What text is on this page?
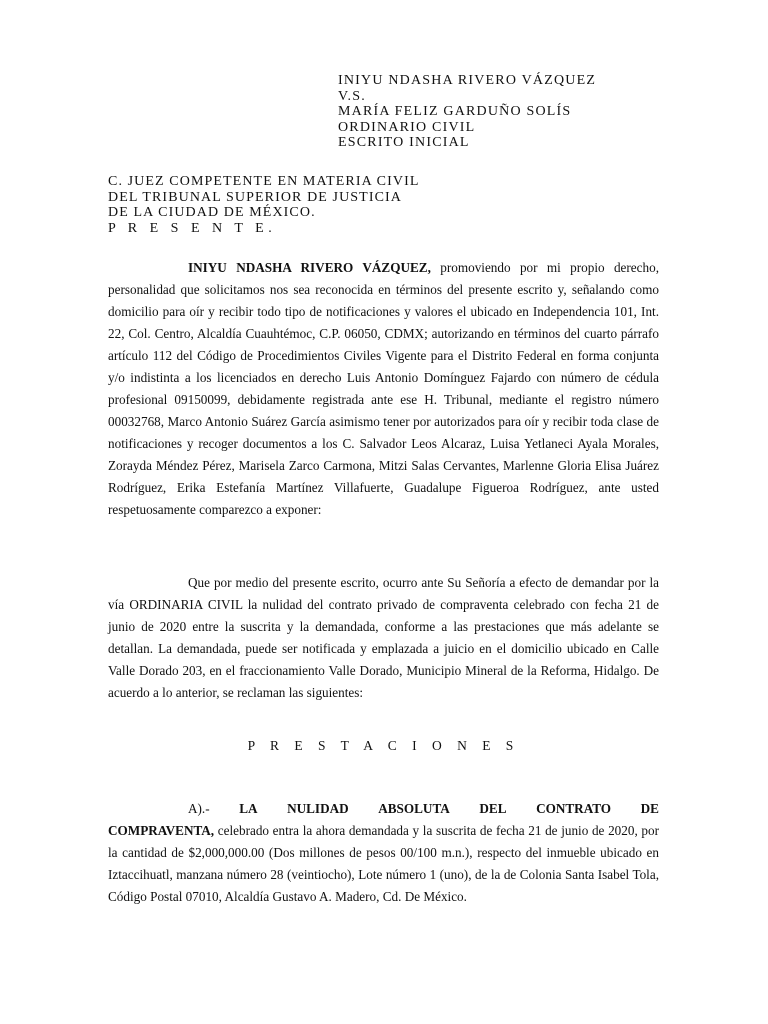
INIYU NDASHA RIVERO VÁZQUEZ
V.S.
MARÍA FELIZ GARDUÑO SOLÍS
ORDINARIO CIVIL
ESCRITO INICIAL
C. JUEZ COMPETENTE EN MATERIA CIVIL
DEL TRIBUNAL SUPERIOR DE JUSTICIA
DE LA CIUDAD DE MÉXICO.
P R E S E N T E.

INIYU NDASHA RIVERO VÁZQUEZ, promoviendo por mi propio derecho, personalidad que solicitamos nos sea reconocida en términos del presente escrito y, señalando como domicilio para oír y recibir todo tipo de notificaciones y valores el ubicado en Independencia 101, Int. 22, Col. Centro, Alcaldía Cuauhtémoc, C.P. 06050, CDMX; autorizando en términos del cuarto párrafo artículo 112 del Código de Procedimientos Civiles Vigente para el Distrito Federal en forma conjunta y/o indistinta a los licenciados en derecho Luis Antonio Domínguez Fajardo con número de cédula profesional 09150099, debidamente registrada ante ese H. Tribunal, mediante el registro número 00032768, Marco Antonio Suárez García asimismo tener por autorizados para oír y recibir toda clase de notificaciones y recoger documentos a los C. Salvador Leos Alcaraz, Luisa Yetlaneci Ayala Morales, Zorayda Méndez Pérez, Marisela Zarco Carmona, Mitzi Salas Cervantes, Marlenne Gloria Elisa Juárez Rodríguez, Erika Estefanía Martínez Villafuerte, Guadalupe Figueroa Rodríguez, ante usted respetuosamente comparezco a exponer:

Que por medio del presente escrito, ocurro ante Su Señoría a efecto de demandar por la vía ORDINARIA CIVIL la nulidad del contrato privado de compraventa celebrado con fecha 21 de junio de 2020 entre la suscrita y la demandada, conforme a las prestaciones que más adelante se detallan. La demandada, puede ser notificada y emplazada a juicio en el domicilio ubicado en Calle Valle Dorado 203, en el fraccionamiento Valle Dorado, Municipio Mineral de la Reforma, Hidalgo. De acuerdo a lo anterior, se reclaman las siguientes:

P R E S T A C I O N E S
A).- LA NULIDAD ABSOLUTA DEL CONTRATO DE
COMPRAVENTA, celebrado entra la ahora demandada y la suscrita de fecha 21 de junio de 2020, por la cantidad de $2,000,000.00 (Dos millones de pesos 00/100 m.n.), respecto del inmueble ubicado en Iztaccihuatl, manzana número 28 (veintiocho), Lote número 1 (uno), de la de Colonia Santa Isabel Tola, Código Postal 07010, Alcaldía Gustavo A. Madero, Cd. De México.
